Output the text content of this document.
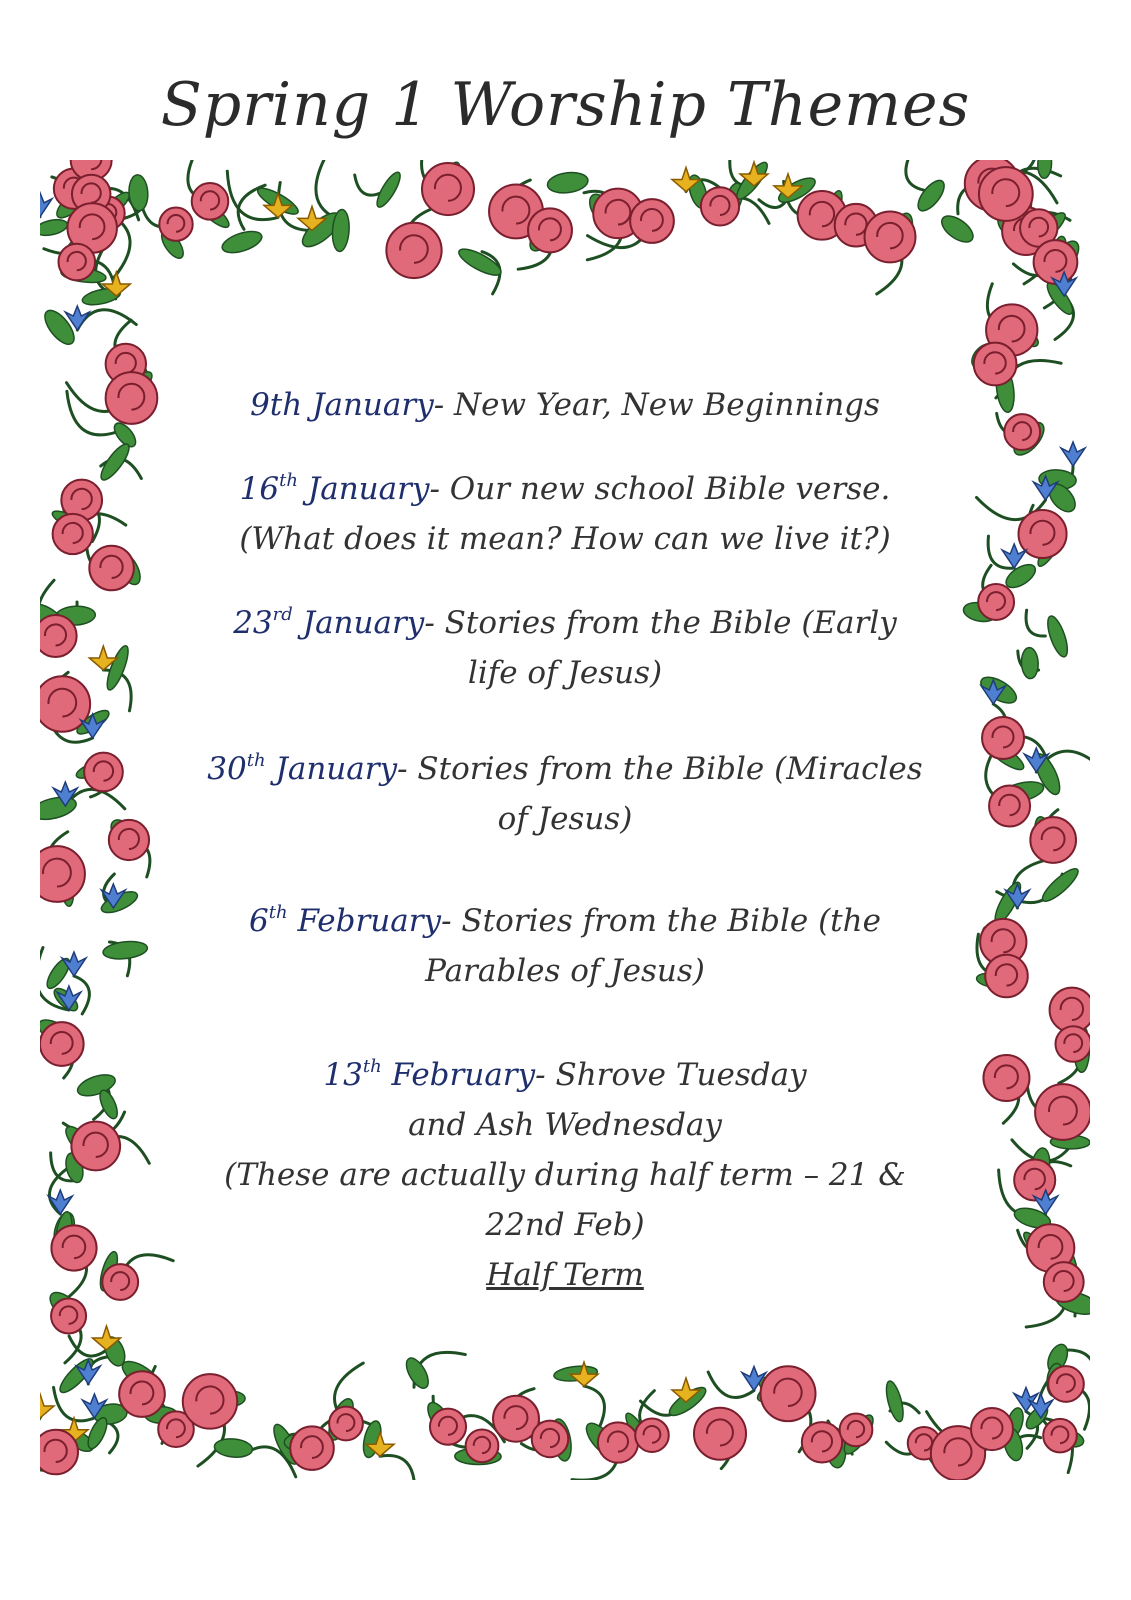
Spring 1 Worship Themes
9th January- New Year, New Beginnings
16th January- Our new school Bible verse.
(What does it mean? How can we live it?)
23rd January- Stories from the Bible (Early
life of Jesus)
30th January- Stories from the Bible (Miracles
of Jesus)
6th February- Stories from the Bible (the
Parables of Jesus)
13th February- Shrove Tuesday
and Ash Wednesday
(These are actually during half term – 21 &
22nd Feb)
Half Term
